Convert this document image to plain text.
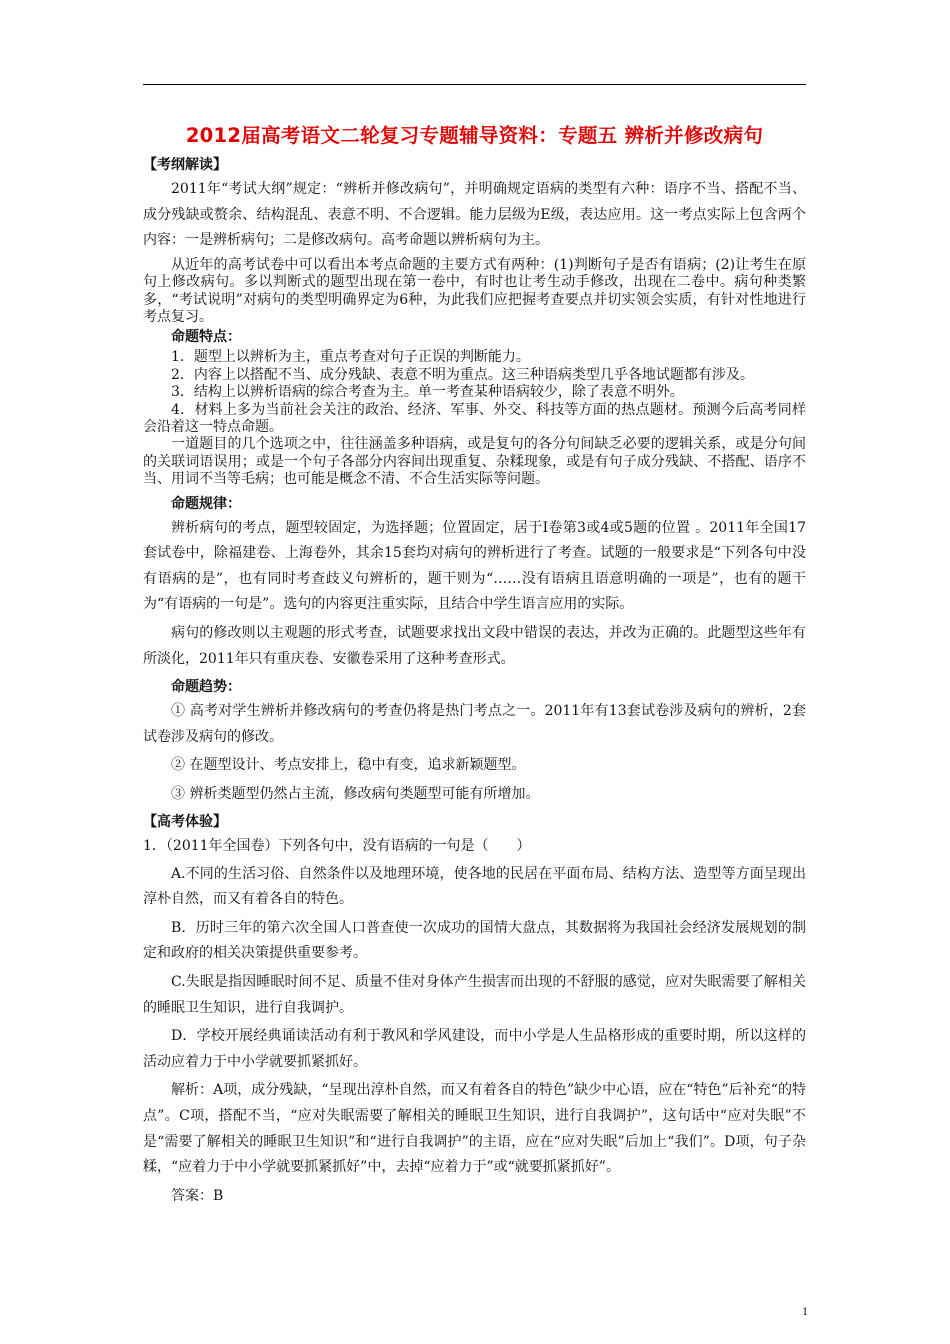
2012届高考语文二轮复习专题辅导资料：专题五 辨析并修改病句
【考纲解读】

2011年“考试大纲”规定：“辨析并修改病句”，并明确规定语病的类型有六种：语序不当、搭配不当、成分残缺或赘余、结构混乱、表意不明、不合逻辑。能力层级为E级，表达应用。这一考点实际上包含两个内容：一是辨析病句；二是修改病句。高考命题以辨析病句为主。

从近年的高考试卷中可以看出本考点命题的主要方式有两种：(1)判断句子是否有语病；(2)让考生在原句上修改病句。多以判断式的题型出现在第一卷中，有时也让考生动手修改，出现在二卷中。病句种类繁多，“考试说明”对病句的类型明确界定为6种，为此我们应把握考查要点并切实领会实质，有针对性地进行考点复习。

命题特点：

1．题型上以辨析为主，重点考查对句子正误的判断能力。

2．内容上以搭配不当、成分残缺、表意不明为重点。这三种语病类型几乎各地试题都有涉及。

3．结构上以辨析语病的综合考查为主。单一考查某种语病较少，除了表意不明外。

4．材料上多为当前社会关注的政治、经济、军事、外交、科技等方面的热点题材。预测今后高考同样会沿着这一特点命题。

一道题目的几个选项之中，往往涵盖多种语病，或是复句的各分句间缺乏必要的逻辑关系，或是分句间的关联词语误用；或是一个句子各部分内容间出现重复、杂糅现象，或是有句子成分残缺、不搭配、语序不当、用词不当等毛病；也可能是概念不清、不合生活实际等问题。

命题规律：

辨析病句的考点，题型较固定，为选择题；位置固定，居于Ⅰ卷第3或4或5题的位置 。2011年全国17套试卷中，除福建卷、上海卷外，其余15套均对病句的辨析进行了考查。试题的一般要求是“下列各句中没有语病的是”，也有同时考查歧义句辨析的，题干则为“……没有语病且语意明确的一项是”，也有的题干为“有语病的一句是”。选句的内容更注重实际，且结合中学生语言应用的实际。

病句的修改则以主观题的形式考查，试题要求找出文段中错误的表达，并改为正确的。此题型这些年有所淡化，2011年只有重庆卷、安徽卷采用了这种考查形式。

命题趋势：

① 高考对学生辨析并修改病句的考查仍将是热门考点之一。2011年有13套试卷涉及病句的辨析，2套试卷涉及病句的修改。

② 在题型设计、考点安排上，稳中有变，追求新颖题型。

③ 辨析类题型仍然占主流，修改病句类题型可能有所增加。

【高考体验】
1．（2011年全国卷）下列各句中，没有语病的一句是（　　）

A.不同的生活习俗、自然条件以及地理环境，使各地的民居在平面布局、结构方法、造型等方面呈现出淳朴自然，而又有着各自的特色。

B．历时三年的第六次全国人口普查使一次成功的国情大盘点，其数据将为我国社会经济发展规划的制定和政府的相关决策提供重要参考。

C.失眠是指因睡眠时间不足、质量不佳对身体产生损害而出现的不舒服的感觉，应对失眠需要了解相关的睡眠卫生知识，进行自我调护。

D．学校开展经典诵读活动有利于教风和学风建设，而中小学是人生品格形成的重要时期，所以这样的活动应着力于中小学就要抓紧抓好。

解析：A项，成分残缺，“呈现出淳朴自然，而又有着各自的特色”缺少中心语，应在“特色”后补充“的特点”。C项，搭配不当，“应对失眠需要了解相关的睡眠卫生知识，进行自我调护”，这句话中“应对失眠”不是“需要了解相关的睡眠卫生知识”和“进行自我调护”的主语，应在“应对失眠”后加上“我们”。D项，句子杂糅，“应着力于中小学就要抓紧抓好”中，去掉“应着力于”或“就要抓紧抓好”。

答案：B

1
